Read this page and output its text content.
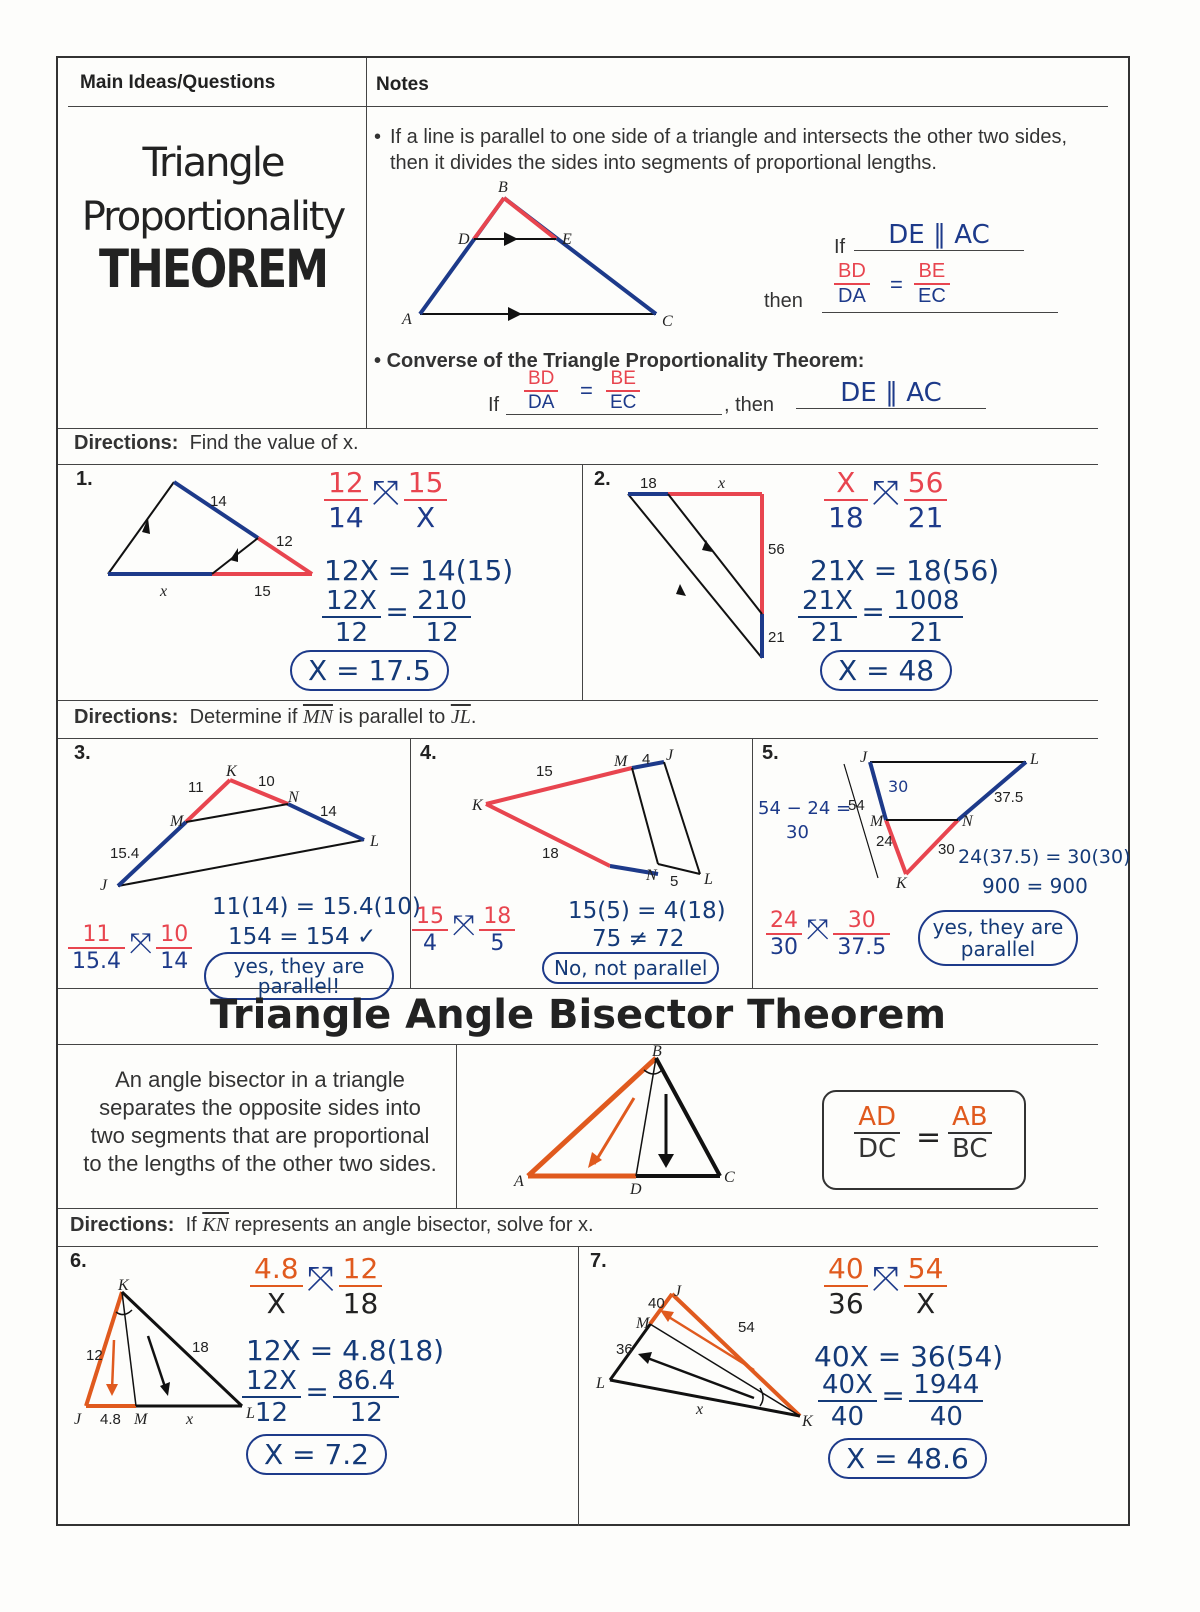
Main Ideas/Questions	Notes
Triangle
Proportionality
THEOREM
• If a line is parallel to one side of a triangle and intersects the other two sides, then it divides the sides into segments of proportional lengths.
B
D	E
A	C
If	DE ∥ AC
then $\frac{BD}{DA} = \frac{BE}{EC}$
• Converse of the Triangle Proportionality Theorem:
If $\frac{BD}{DA} = \frac{BE}{EC}$	, then	DE ∥ AC
Directions: Find the value of x.
1.
14
12
x	15
$\frac{12}{14}$ ⤧ $\frac{15}{X}$
12X = 14(15)
$\frac{12X}{12} = \frac{210}{12}$
X = 17.5
2. 18	x
56
21
$\frac{X}{18}$ ⤧ $\frac{56}{21}$
21X = 18(56)
$\frac{21X}{21} = \frac{1008}{21}$
X = 48
Directions: Determine if $\overline{MN}$ is parallel to $\overline{JL}$.
3.
K
M
N
J
L
11	10
14
15.4
11(14) = 15.4(10)
154 = 154 ✓
$\frac{11}{15.4}$ ⤧ $\frac{10}{14}$	yes, they are parallel!
4.
K
M J
N	L
15
4
18
5
15(5) = 4(18)
75 ≠ 72
$\frac{15}{4}$ ⤧ $\frac{18}{5}$
No, not parallel
5.	J	L
M	N
K
54	37.5
24	30
30
54 − 24 =
30
24(37.5) = 30(30)
900 = 900
$\frac{24}{30}$ ⤧ $\frac{30}{37.5}$	yes, they are parallel
Triangle Angle Bisector Theorem
An angle bisector in a triangle separates the opposite sides into two segments that are proportional to the lengths of the other two sides.
B
A	D
C
$\frac{AD}{DC} = \frac{AB}{BC}$
Directions: If $\overline{KN}$ represents an angle bisector, solve for x.
6.
K
J	M	L
12	18
4.8	x
$\frac{4.8}{X}$ ⤧ $\frac{12}{18}$
12X = 4.8(18)
$\frac{12X}{12} = \frac{86.4}{12}$
X = 7.2
7.
J
M
L
K
40
54
36
x
$\frac{40}{36}$ ⤧ $\frac{54}{X}$
40X = 36(54)
$\frac{40X}{40} = \frac{1944}{40}$
X = 48.6
